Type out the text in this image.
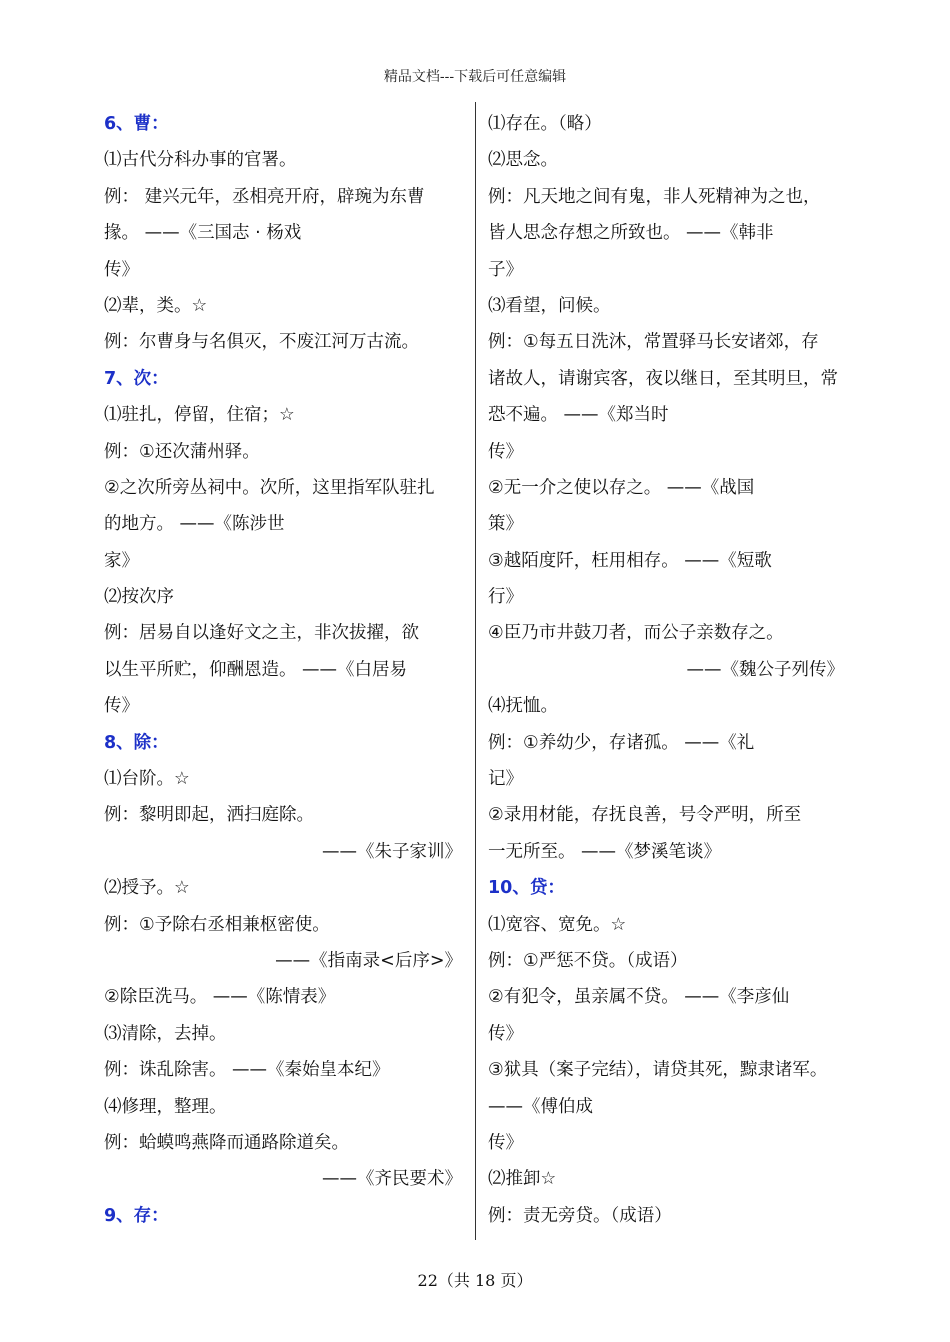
精品文档---下载后可任意编辑
6、曹：
⑴古代分科办事的官署。
例： 建兴元年，丞相亮开府，辟琬为东曹
掾。 ——《三国志 · 杨戏
传》
⑵辈，类。☆
例：尔曹身与名俱灭，不废江河万古流。
7、次：
⑴驻扎，停留，住宿；☆
例：①还次蒲州驿。
②之次所旁丛祠中。次所，这里指军队驻扎
的地方。 ——《陈涉世
家》
⑵按次序
例：居易自以逢好文之主，非次拔擢，欲
以生平所贮，仰酬恩造。 ——《白居易
传》
8、除：
⑴台阶。☆
例：黎明即起，洒扫庭除。
——《朱子家训》
⑵授予。☆
例：①予除右丞相兼枢密使。
——《指南录<后序>》
②除臣洗马。 ——《陈情表》
⑶清除，去掉。
例：诛乱除害。 ——《秦始皇本纪》
⑷修理，整理。
例：蛤蟆鸣燕降而通路除道矣。
——《齐民要术》
9、存：
⑴存在。（略）
⑵思念。
例：凡天地之间有鬼，非人死精神为之也，
皆人思念存想之所致也。 ——《韩非
子》
⑶看望，问候。
例：①每五日洗沐，常置驿马长安诸郊，存
诸故人，请谢宾客，夜以继日，至其明旦，常
恐不遍。 ——《郑当时
传》
②无一介之使以存之。 ——《战国
策》
③越陌度阡，枉用相存。 ——《短歌
行》
④臣乃市井鼓刀者，而公子亲数存之。
——《魏公子列传》
⑷抚恤。
例：①养幼少，存诸孤。 ——《礼
记》
②录用材能，存抚良善，号令严明，所至
一无所至。 ——《梦溪笔谈》
10、贷：
⑴宽容、宽免。☆
例：①严惩不贷。（成语）
②有犯令，虽亲属不贷。 ——《李彦仙
传》
③狱具（案子完结），请贷其死，黥隶诸军。
——《傅伯成
传》
⑵推卸☆
例：责无旁贷。（成语）
22（共 18 页）
